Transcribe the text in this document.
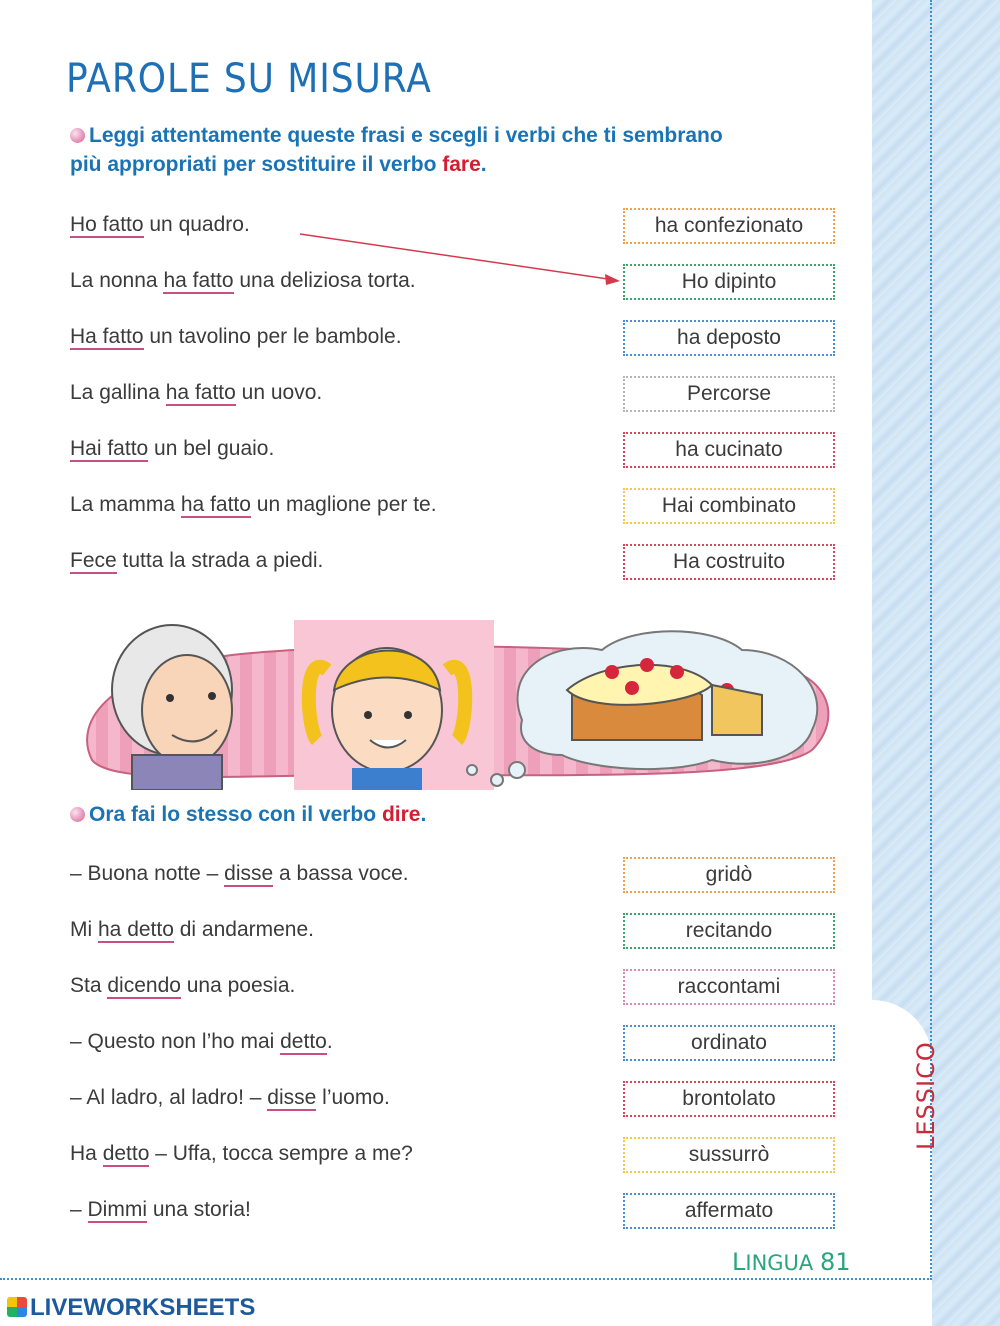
LESSICO
PAROLE SU MISURA
Leggi attentamente queste frasi e scegli i verbi che ti sembrano
più appropriati per sostituire il verbo fare.
Ho fatto un quadro.	ha confezionato
La nonna ha fatto una deliziosa torta.	Ho dipinto
Ha fatto un tavolino per le bambole.	ha deposto
La gallina ha fatto un uovo.	Percorse
Hai fatto un bel guaio.	ha cucinato
La mamma ha fatto un maglione per te.	Hai combinato
Fece tutta la strada a piedi.	Ha costruito
Ora fai lo stesso con il verbo dire.
– Buona notte – disse a bassa voce.	gridò
Mi ha detto di andarmene.	recitando
Sta dicendo una poesia.	raccontami
– Questo non l’ho mai detto.	ordinato
– Al ladro, al ladro! – disse l’uomo.	brontolato
Ha detto – Uffa, tocca sempre a me?	sussurrò
– Dimmi una storia!	affermato
LINGUA 81
LIVEWORKSHEETS
